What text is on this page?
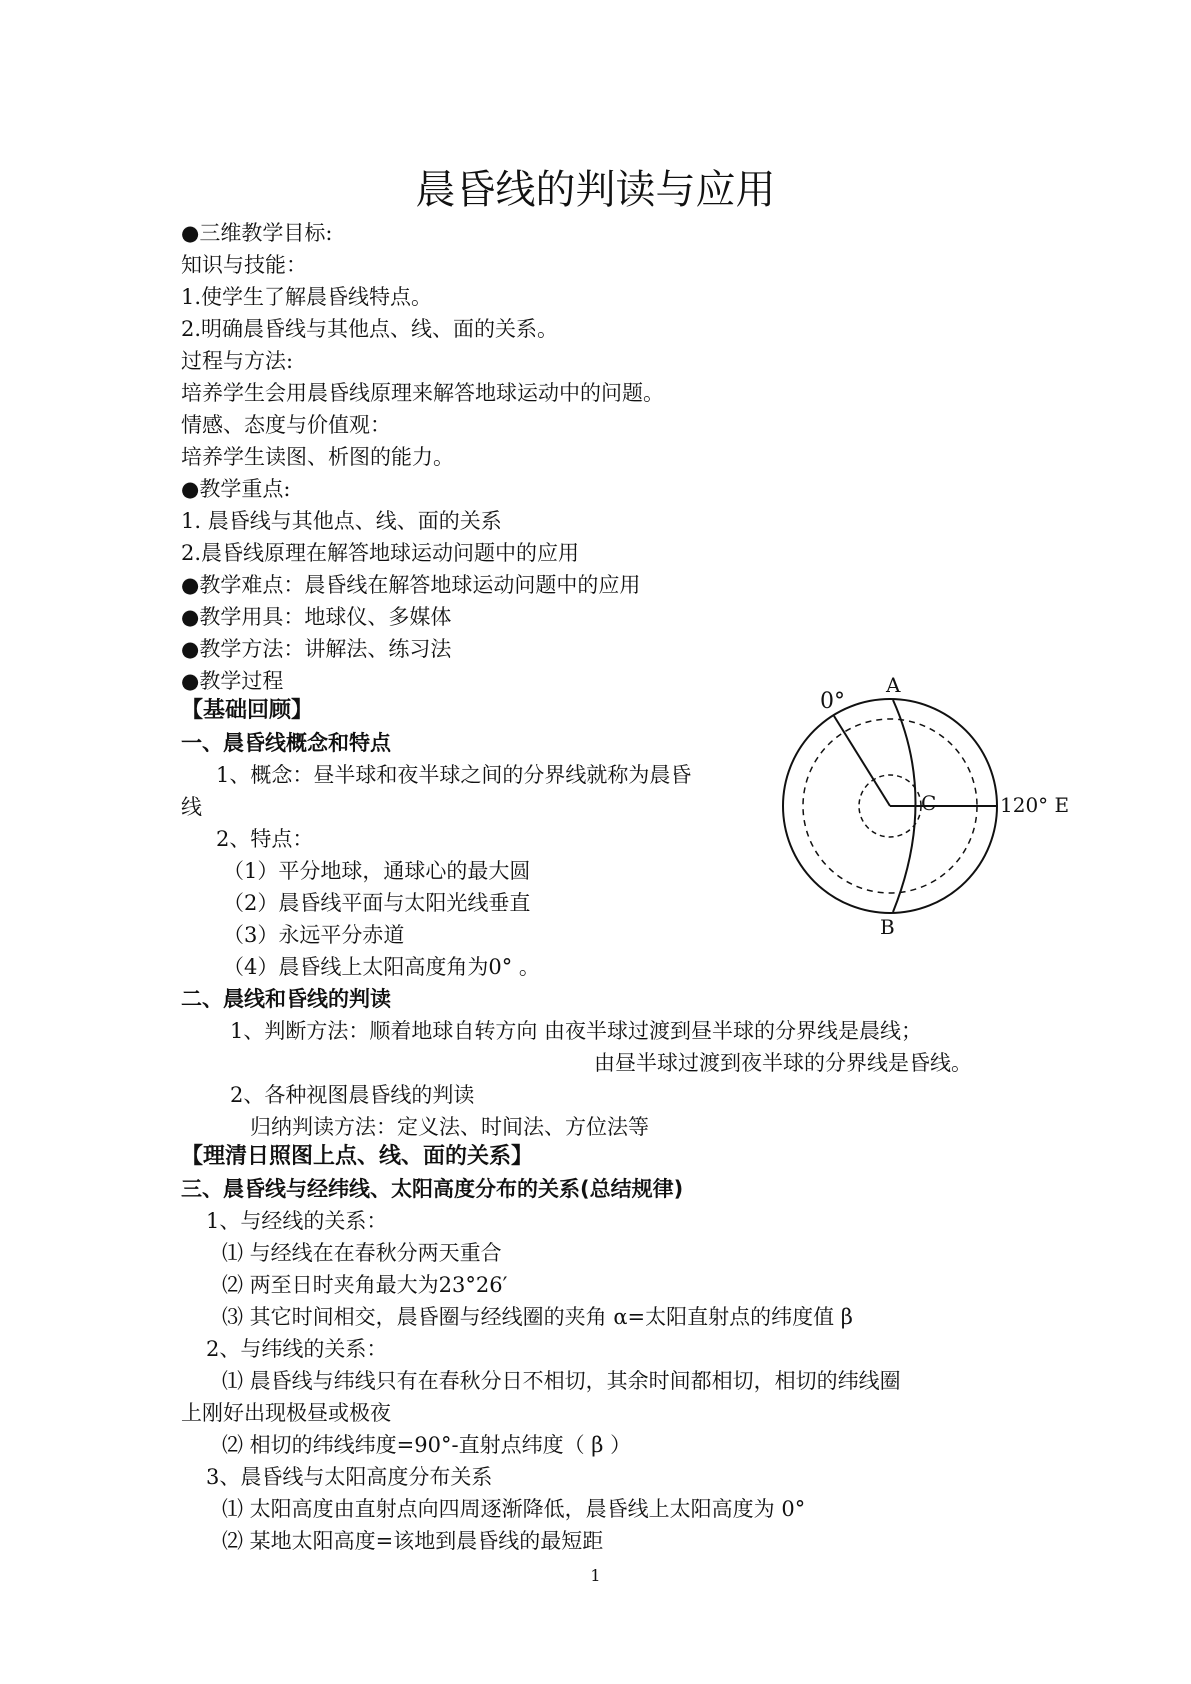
晨昏线的判读与应用
●三维教学目标:
知识与技能：
1.使学生了解晨昏线特点。
2.明确晨昏线与其他点、线、面的关系。
过程与方法:
培养学生会用晨昏线原理来解答地球运动中的问题。
情感、态度与价值观：
培养学生读图、析图的能力。
●教学重点:
1. 晨昏线与其他点、线、面的关系
2.晨昏线原理在解答地球运动问题中的应用
●教学难点：晨昏线在解答地球运动问题中的应用
●教学用具：地球仪、多媒体
●教学方法：讲解法、练习法
●教学过程
【基础回顾】
一、晨昏线概念和特点
1、概念：昼半球和夜半球之间的分界线就称为晨昏
线
2、特点：
（1）平分地球，通球心的最大圆
（2）晨昏线平面与太阳光线垂直
（3）永远平分赤道
（4）晨昏线上太阳高度角为0° 。
二、晨线和昏线的判读
1、判断方法：顺着地球自转方向 由夜半球过渡到昼半球的分界线是晨线；
由昼半球过渡到夜半球的分界线是昏线。
2、各种视图晨昏线的判读
归纳判读方法：定义法、时间法、方位法等
【理清日照图上点、线、面的关系】
三、晨昏线与经纬线、太阳高度分布的关系(总结规律)
1、与经线的关系：
⑴ 与经线在在春秋分两天重合
⑵ 两至日时夹角最大为23°26′
⑶ 其它时间相交，晨昏圈与经线圈的夹角 α=太阳直射点的纬度值 β
2、与纬线的关系：
⑴ 晨昏线与纬线只有在春秋分日不相切，其余时间都相切，相切的纬线圈
上刚好出现极昼或极夜
⑵ 相切的纬线纬度=90°-直射点纬度（ β ）
3、晨昏线与太阳高度分布关系
⑴ 太阳高度由直射点向四周逐渐降低，晨昏线上太阳高度为 0°
⑵ 某地太阳高度=该地到晨昏线的最短距
0°
A
C	120° E
B
1
